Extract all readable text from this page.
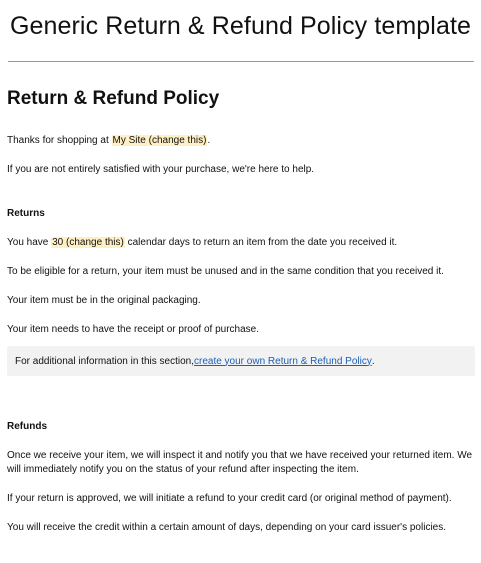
Generic Return & Refund Policy template
Return & Refund Policy

Thanks for shopping at My Site (change this).

If you are not entirely satisfied with your purchase, we're here to help.

Returns

You have 30 (change this) calendar days to return an item from the date you received it.

To be eligible for a return, your item must be unused and in the same condition that you received it.

Your item must be in the original packaging.

Your item needs to have the receipt or proof of purchase.

For additional information in this section, create your own Return & Refund Policy .
Refunds

Once we receive your item, we will inspect it and notify you that we have received your returned item. We will immediately notify you on the status of your refund after inspecting the item.

If your return is approved, we will initiate a refund to your credit card (or original method of payment).

You will receive the credit within a certain amount of days, depending on your card issuer's policies.
